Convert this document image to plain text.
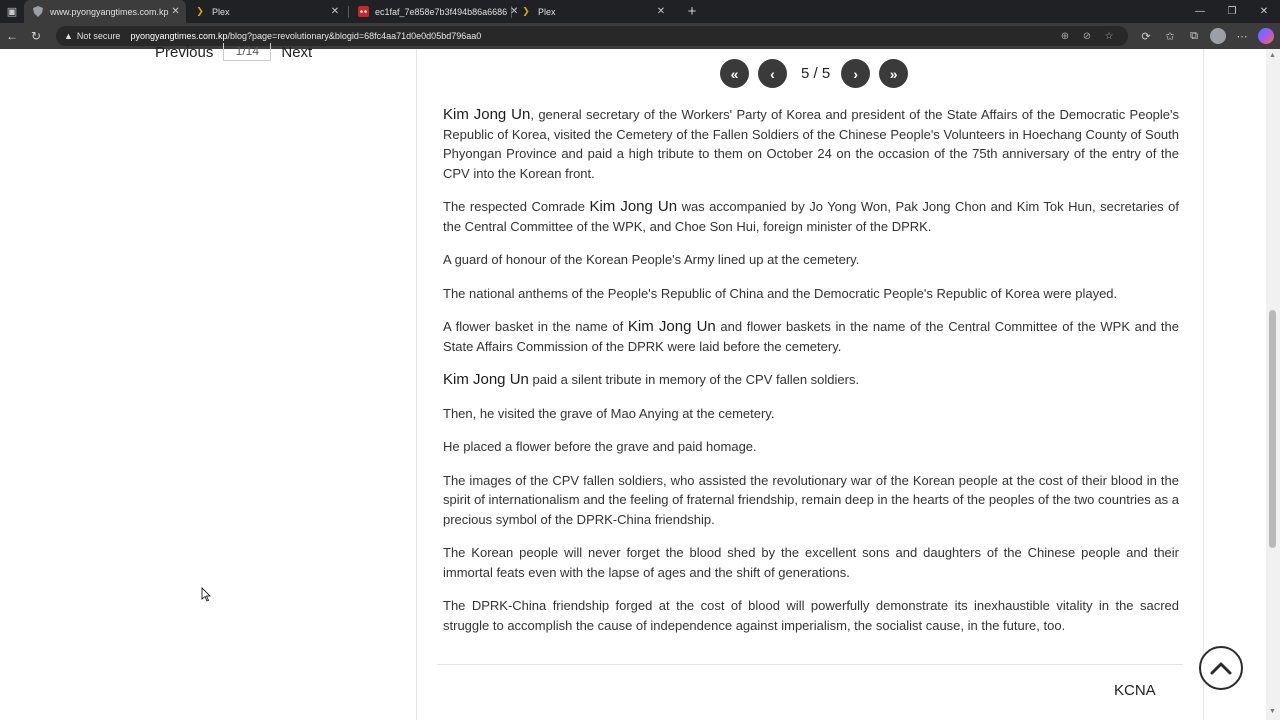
▣	www.pyongyangtimes.com.kp ✕	❯ Plex	✕	ec1faf_7e858e7b3f494b86a6686 ✕ ❯ Plex	✕	+	—	❐	✕
←	↻	▲ Not secure pyongyangtimes.com.kp/blog?page=revolutionary&blogid=68fc4aa71d0e0d05bd796aa0	⊕	⊘	☆	⟳	✩	⧉	⋯
Previous	1/14	Next
«	‹	5 / 5	›	»

Kim Jong Un, general secretary of the Workers' Party of Korea and president of the State Affairs of the Democratic People's Republic of Korea, visited the Cemetery of the Fallen Soldiers of the Chinese People's Volunteers in Hoechang County of South Phyongan Province and paid a high tribute to them on October 24 on the occasion of the 75th anniversary of the entry of the CPV into the Korean front.

The respected Comrade Kim Jong Un was accompanied by Jo Yong Won, Pak Jong Chon and Kim Tok Hun, secretaries of the Central Committee of the WPK, and Choe Son Hui, foreign minister of the DPRK.

A guard of honour of the Korean People's Army lined up at the cemetery.

The national anthems of the People's Republic of China and the Democratic People's Republic of Korea were played.

A flower basket in the name of Kim Jong Un and flower baskets in the name of the Central Committee of the WPK and the State Affairs Commission of the DPRK were laid before the cemetery.

Kim Jong Un paid a silent tribute in memory of the CPV fallen soldiers.

Then, he visited the grave of Mao Anying at the cemetery.

He placed a flower before the grave and paid homage.

The images of the CPV fallen soldiers, who assisted the revolutionary war of the Korean people at the cost of their blood in the spirit of internationalism and the feeling of fraternal friendship, remain deep in the hearts of the peoples of the two countries as a precious symbol of the DPRK-China friendship.

The Korean people will never forget the blood shed by the excellent sons and daughters of the Chinese people and their immortal feats even with the lapse of ages and the shift of generations.

The DPRK-China friendship forged at the cost of blood will powerfully demonstrate its inexhaustible vitality in the sacred struggle to accomplish the cause of independence against imperialism, the socialist cause, in the future, too.

KCNA
▲
▼
